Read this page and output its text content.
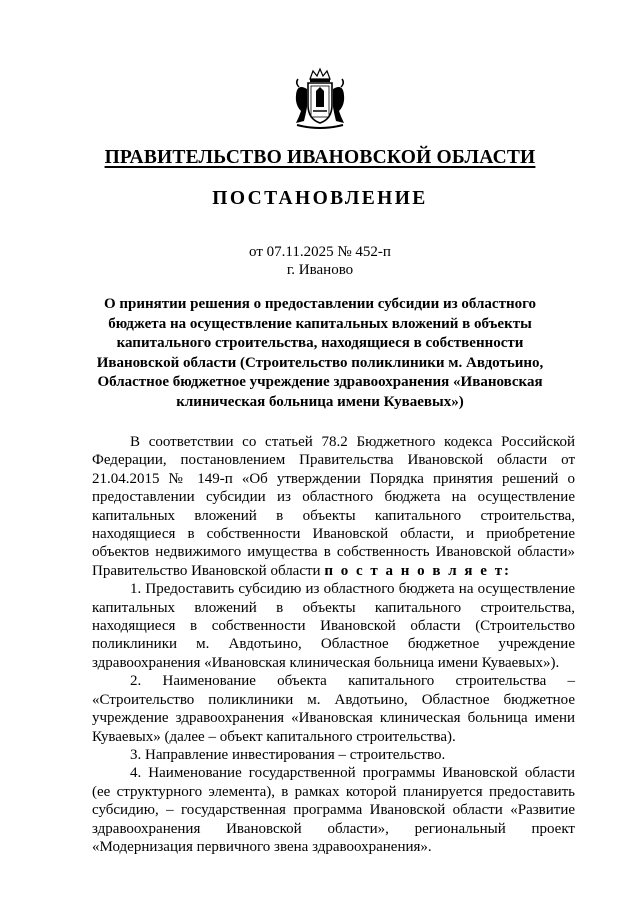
ПРАВИТЕЛЬСТВО ИВАНОВСКОЙ ОБЛАСТИ
ПОСТАНОВЛЕНИЕ
от 07.11.2025 № 452-п
г. Иваново
О принятии решения о предоставлении субсидии из областного бюджета на осуществление капитальных вложений в объекты капитального строительства, находящиеся в собственности Ивановской области (Строительство поликлиники м. Авдотьино, Областное бюджетное учреждение здравоохранения «Ивановская клиническая больница имени Куваевых»)

В соответствии со статьей 78.2 Бюджетного кодекса Российской Федерации, постановлением Правительства Ивановской области от 21.04.2015 № 149-п «Об утверждении Порядка принятия решений о предоставлении субсидии из областного бюджета на осуществление капитальных вложений в объекты капитального строительства, находящиеся в собственности Ивановской области, и приобретение объектов недвижимого имущества в собственность Ивановской области» Правительство Ивановской области п о с т а н о в л я е т:

1. Предоставить субсидию из областного бюджета на осуществление капитальных вложений в объекты капитального строительства, находящиеся в собственности Ивановской области (Строительство поликлиники м. Авдотьино, Областное бюджетное учреждение здравоохранения «Ивановская клиническая больница имени Куваевых»).

2. Наименование объекта капитального строительства – «Строительство поликлиники м. Авдотьино, Областное бюджетное учреждение здравоохранения «Ивановская клиническая больница имени Куваевых» (далее – объект капитального строительства).

3. Направление инвестирования – строительство.

4. Наименование государственной программы Ивановской области (ее структурного элемента), в рамках которой планируется предоставить субсидию, – государственная программа Ивановской области «Развитие здравоохранения Ивановской области», региональный проект «Модернизация первичного звена здравоохранения».
